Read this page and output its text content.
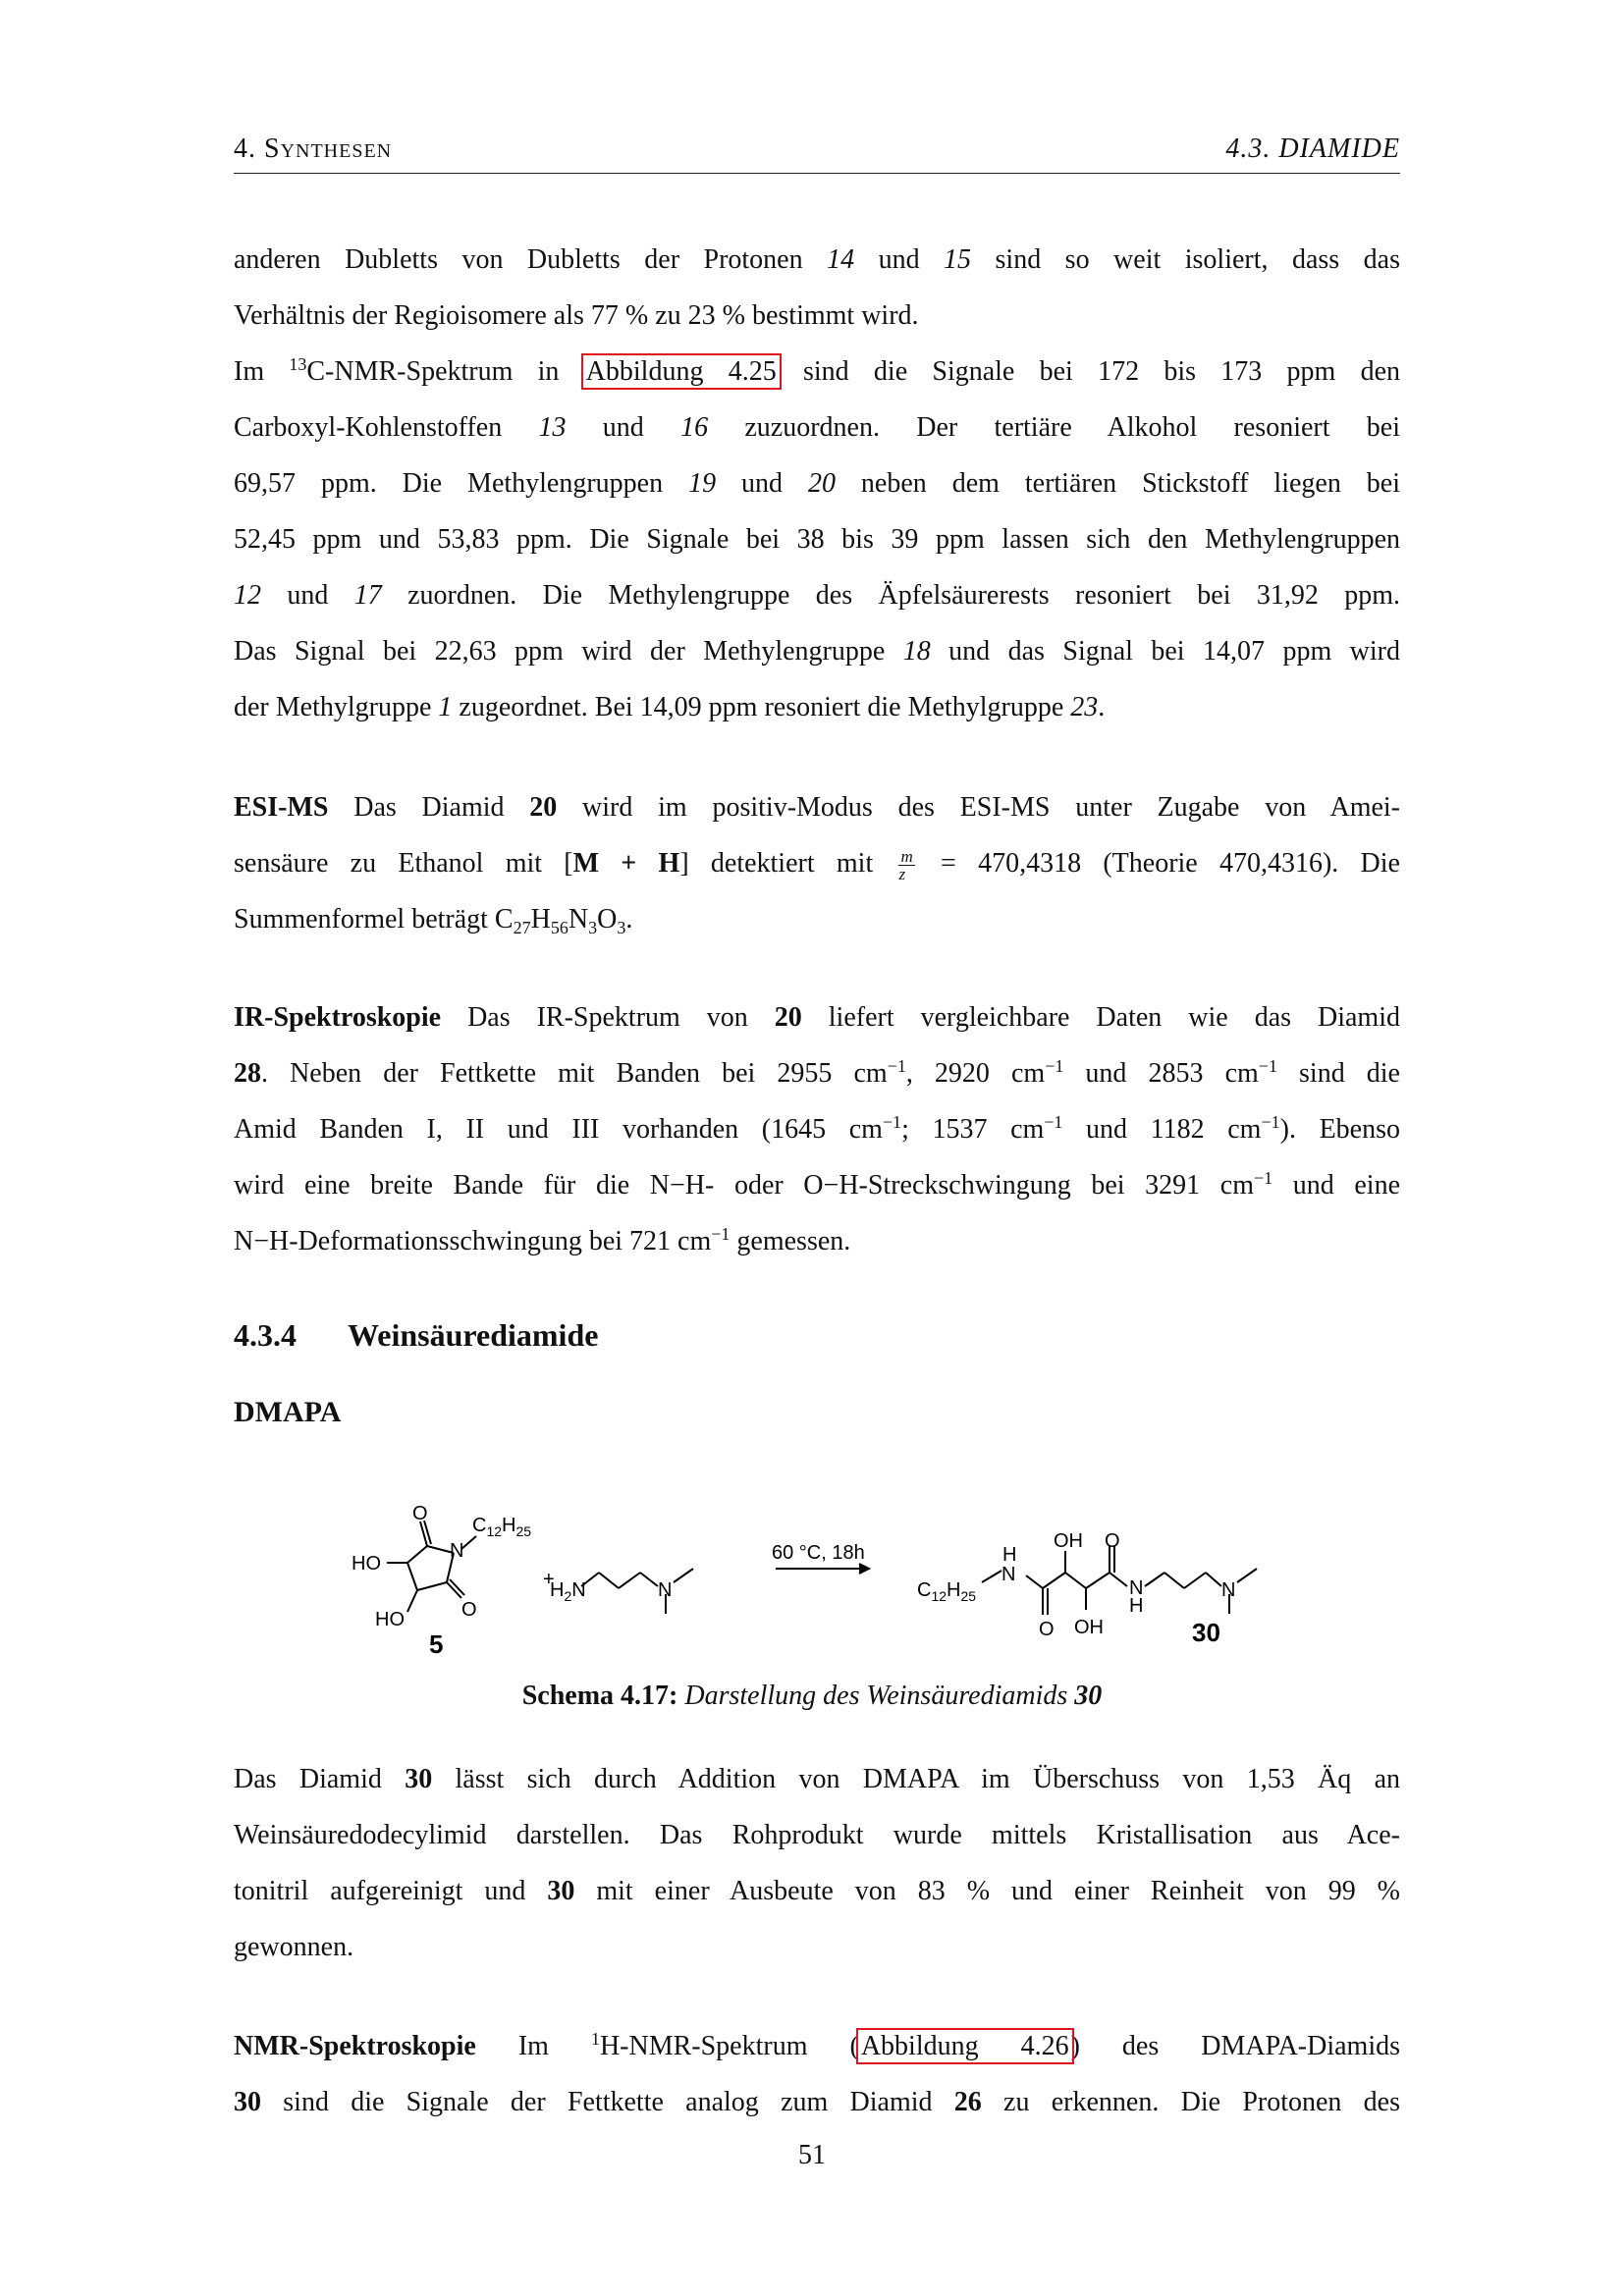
4. Synthesen	4.3. DIAMIDE
anderen Dubletts von Dubletts der Protonen 14 und 15 sind so weit isoliert, dass das
Verhältnis der Regioisomere als 77 % zu 23 % bestimmt wird.
Im $^{13}$C-NMR-Spektrum in Abbildung 4.25 sind die Signale bei 172 bis 173 ppm den
Carboxyl-Kohlenstoffen 13 und 16 zuzuordnen. Der tertiäre Alkohol resoniert bei
69,57 ppm. Die Methylengruppen 19 und 20 neben dem tertiären Stickstoff liegen bei
52,45 ppm und 53,83 ppm. Die Signale bei 38 bis 39 ppm lassen sich den Methylengruppen
12 und 17 zuordnen. Die Methylengruppe des Äpfelsäurerests resoniert bei 31,92 ppm.
Das Signal bei 22,63 ppm wird der Methylengruppe 18 und das Signal bei 14,07 ppm wird
der Methylgruppe 1 zugeordnet. Bei 14,09 ppm resoniert die Methylgruppe 23.
ESI-MS Das Diamid 20 wird im positiv-Modus des ESI-MS unter Zugabe von Amei-
sensäure zu Ethanol mit [M + H] detektiert mit $\frac{m}{z} = 470,4318$ (Theorie 470,4316). Die
Summenformel beträgt $C_{27}H_{56}N_3O_3$.
IR-Spektroskopie Das IR-Spektrum von 20 liefert vergleichbare Daten wie das Diamid
28. Neben der Fettkette mit Banden bei 2955 $cm^{-1}$, 2920 $cm^{-1}$ und 2853 $cm^{-1}$ sind die
Amid Banden I, II und III vorhanden (1645 $cm^{-1}$; 1537 $cm^{-1}$ und 1182 $cm^{-1}$). Ebenso
wird eine breite Bande für die N−H- oder O−H-Streckschwingung bei 3291 $cm^{-1}$ und eine
N−H-Deformationsschwingung bei 721 $cm^{-1}$ gemessen.
4.3.4 Weinsäurediamide
DMAPA
O
$C_{12}H_{25}$
N
HO
O
HO
5
+
$H_2N$	N
60 °C, 18h
$C_{12}H_{25}$
H
N
O
OH O
OH
N
H
N
30
Schema 4.17: Darstellung des Weinsäurediamids 30
Das Diamid 30 lässt sich durch Addition von DMAPA im Überschuss von 1,53 Äq an
Weinsäuredodecylimid darstellen. Das Rohprodukt wurde mittels Kristallisation aus Ace-
tonitril aufgereinigt und 30 mit einer Ausbeute von 83 % und einer Reinheit von 99 %
gewonnen.
NMR-Spektroskopie Im $^1$H-NMR-Spektrum (Abbildung 4.26) des DMAPA-Diamids
30 sind die Signale der Fettkette analog zum Diamid 26 zu erkennen. Die Protonen des
51
